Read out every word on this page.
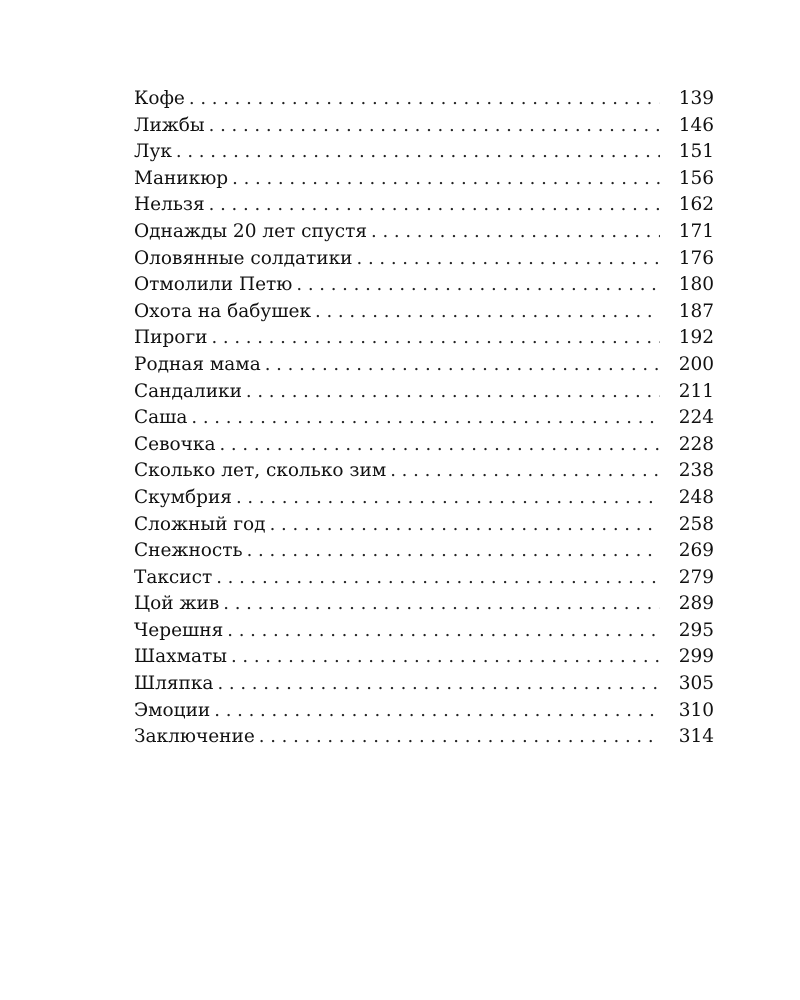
Кофе . . .	139
Лижбы . . .	146
Лук . . .	151
Маникюр . . .	156
Нельзя . . .	162
Однажды 20 лет спустя . . .	171
Оловянные солдатики . . .	176
Отмолили Петю . . .	180
Охота на бабушек . . .	187
Пироги . . .	192
Родная мама . . .	200
Сандалики . . .	211
Саша . . .	224
Севочка . . .	228
Сколько лет, сколько зим . . .	238
Скумбрия . . .	248
Сложный год . . .	258
Снежность . . .	269
Таксист . . .	279
Цой жив . . .	289
Черешня . . .	295
Шахматы . . .	299
Шляпка . . .	305
Эмоции . . .	310
Заключение . . .	314
